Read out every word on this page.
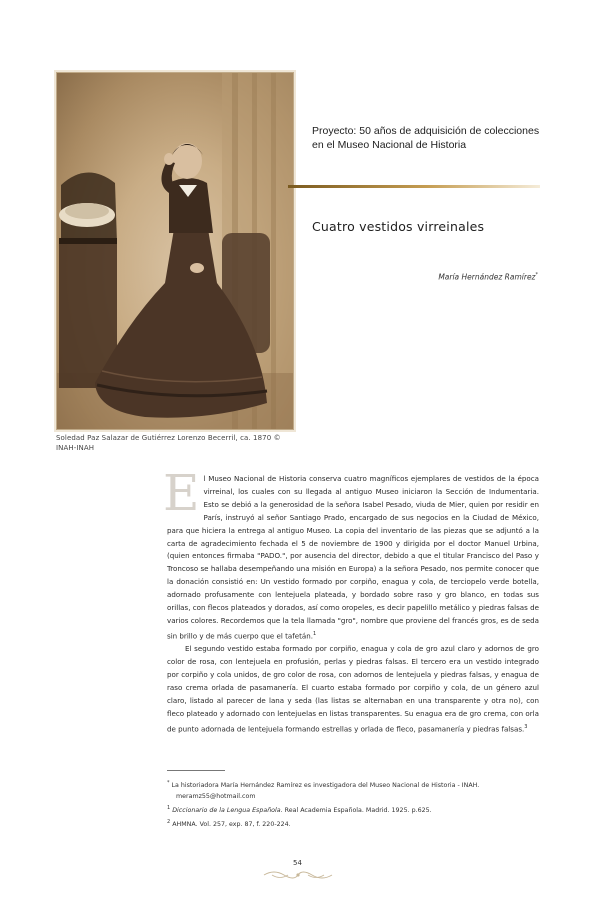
Soledad Paz Salazar de Gutiérrez Lorenzo Becerril, ca. 1870 © INAH-INAH
Proyecto: 50 años de adquisición de colecciones en el Museo Nacional de Historia
Cuatro vestidos virreinales
María Hernández Ramírez*

El Museo Nacional de Historia conserva cuatro magníficos ejemplares de vestidos de la época virreinal, los cuales con su llegada al antiguo Museo iniciaron la Sección de Indumentaria. Esto se debió a la generosidad de la señora Isabel Pesado, viuda de Mier, quien por residir en París, instruyó al señor Santiago Prado, encargado de sus negocios en la Ciudad de México, para que hiciera la entrega al antiguo Museo. La copia del inventario de las piezas que se adjuntó a la carta de agradecimiento fechada el 5 de noviembre de 1900 y dirigida por el doctor Manuel Urbina, (quien entonces firmaba "PADO.", por ausencia del director, debido a que el titular Francisco del Paso y Troncoso se hallaba desempeñando una misión en Europa) a la señora Pesado, nos permite conocer que la donación consistió en: Un vestido formado por corpiño, enagua y cola, de terciopelo verde botella, adornado profusamente con lentejuela plateada, y bordado sobre raso y gro blanco, en todas sus orillas, con flecos plateados y dorados, así como oropeles, es decir papelillo metálico y piedras falsas de varios colores. Recordemos que la tela llamada "gro", nombre que proviene del francés gros, es de seda sin brillo y de más cuerpo que el tafetán.$^1$

El segundo vestido estaba formado por corpiño, enagua y cola de gro azul claro y adornos de gro color de rosa, con lentejuela en profusión, perlas y piedras falsas. El tercero era un vestido integrado por corpiño y cola unidos, de gro color de rosa, con adornos de lentejuela y piedras falsas, y enagua de raso crema orlada de pasamanería. El cuarto estaba formado por corpiño y cola, de un género azul claro, listado al parecer de lana y seda (las listas se alternaban en una transparente y otra no), con fleco plateado y adornado con lentejuelas en listas transparentes. Su enagua era de gro crema, con orla de punto adornada de lentejuela formando estrellas y orlada de fleco, pasamanería y piedras falsas.$^3$

* La historiadora María Hernández Ramírez es investigadora del Museo Nacional de Historia - INAH. meramz55@hotmail.com
$^1$ Diccionario de la Lengua Española. Real Academia Española. Madrid. 1925. p.625.
$^2$ AHMNA. Vol. 257, exp. 87, f. 220-224.
54
